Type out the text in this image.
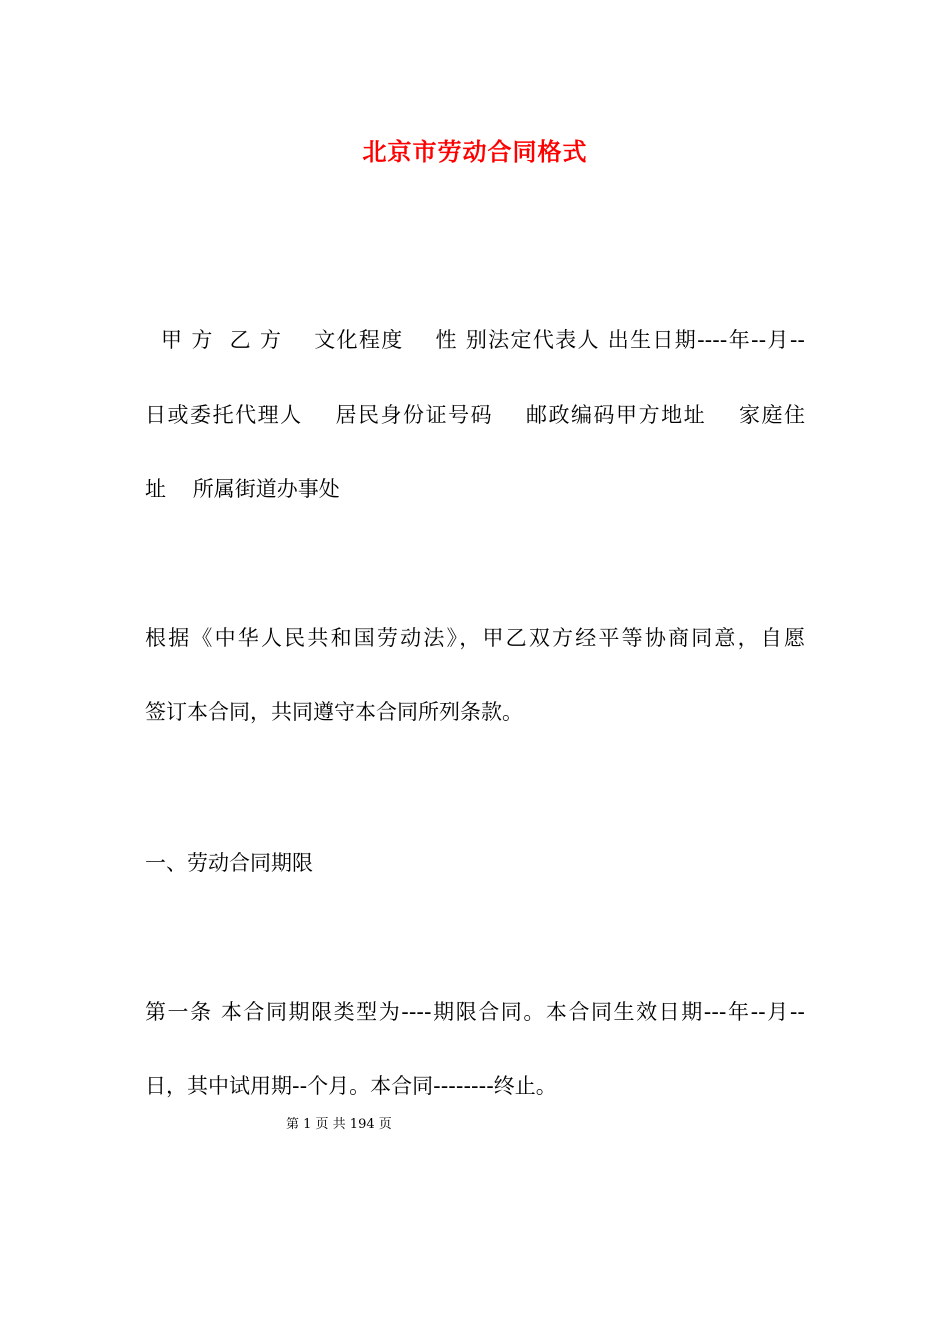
北京市劳动合同格式

甲 方  乙 方    文化程度    性 别法定代表人 出生日期----年--月--

日或委托代理人    居民身份证号码    邮政编码甲方地址    家庭住

址    所属街道办事处

根据《中华人民共和国劳动法》，甲乙双方经平等协商同意，自愿

签订本合同，共同遵守本合同所列条款。

一、劳动合同期限

第一条 本合同期限类型为----期限合同。本合同生效日期---年--月--

日，其中试用期--个月。本合同--------终止。

第 1 页 共 194 页
